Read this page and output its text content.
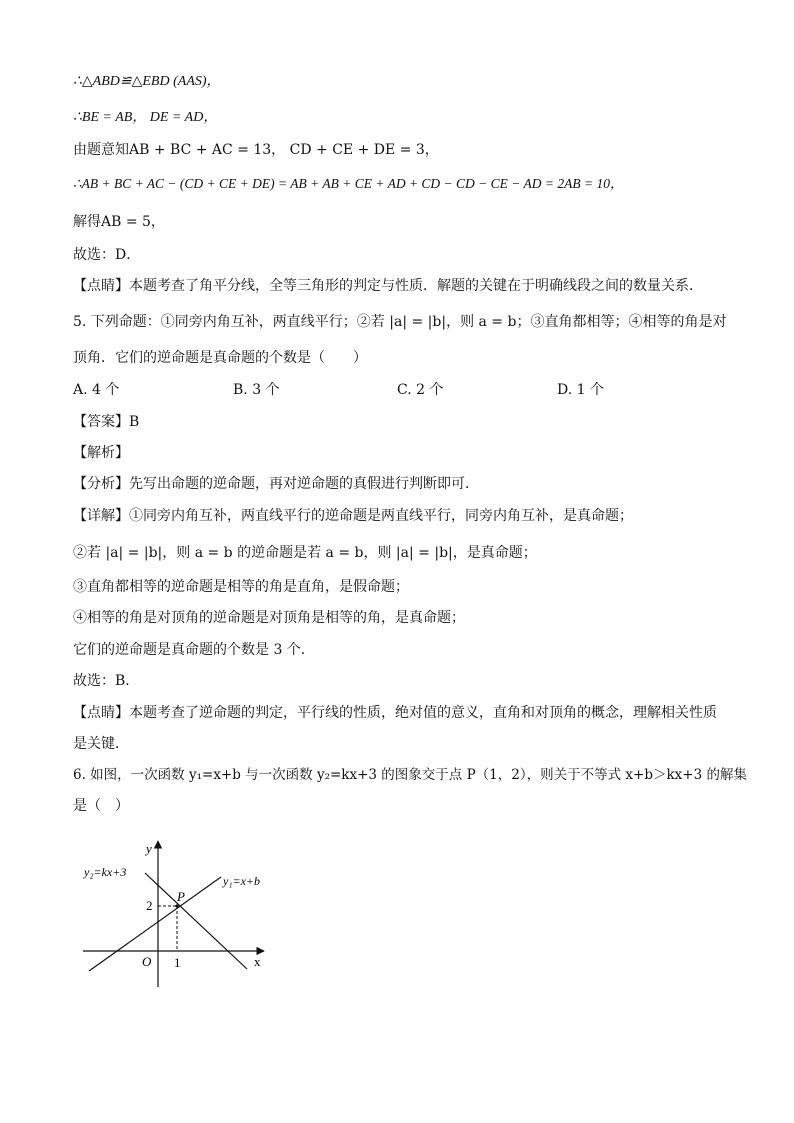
∴△ABD≌△EBD (AAS)，
∴BE = AB， DE = AD，
由题意知AB + BC + AC = 13， CD + CE + DE = 3，
∴AB + BC + AC − (CD + CE + DE) = AB + AB + CE + AD + CD − CD − CE − AD = 2AB = 10，
解得AB = 5，
故选：D．
【点睛】本题考查了角平分线，全等三角形的判定与性质．解题的关键在于明确线段之间的数量关系．
5. 下列命题：①同旁内角互补，两直线平行；②若 |a| = |b|，则 a = b；③直角都相等；④相等的角是对
顶角．它们的逆命题是真命题的个数是（　　）
A. 4 个	B. 3 个	C. 2 个	D. 1 个
【答案】B
【解析】
【分析】先写出命题的逆命题，再对逆命题的真假进行判断即可．
【详解】①同旁内角互补，两直线平行的逆命题是两直线平行，同旁内角互补，是真命题；
②若 |a| = |b|，则 a = b 的逆命题是若 a = b，则 |a| = |b|，是真命题；
③直角都相等的逆命题是相等的角是直角，是假命题；
④相等的角是对顶角的逆命题是对顶角是相等的角，是真命题；
它们的逆命题是真命题的个数是 3 个．
故选：B．
【点睛】本题考查了逆命题的判定，平行线的性质，绝对值的意义，直角和对顶角的概念，理解相关性质
是关键．
6. 如图，一次函数 y₁=x+b 与一次函数 y₂=kx+3 的图象交于点 P（1，2），则关于不等式 x+b＞kx+3 的解集
是（　）
y
x
O
P
2
1
y₁=x+b
y₂=kx+3
